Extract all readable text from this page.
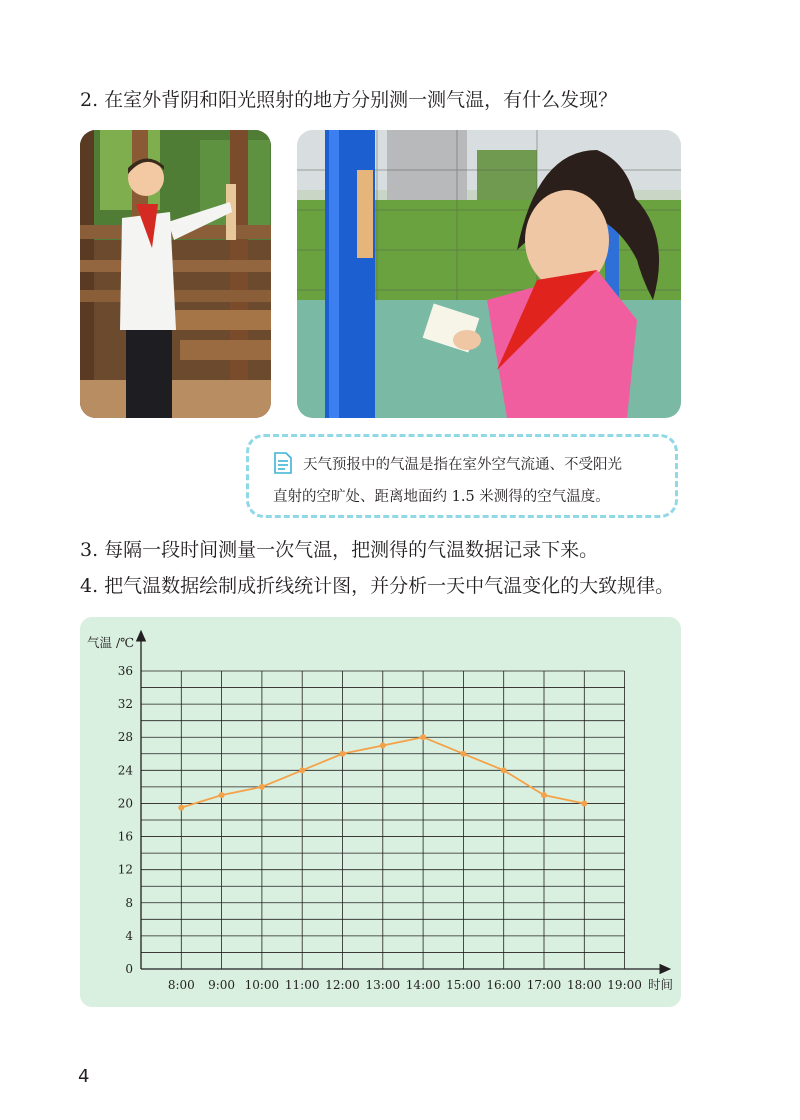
2. 在室外背阴和阳光照射的地方分别测一测气温，有什么发现？
天气预报中的气温是指在室外空气流通、不受阳光
直射的空旷处、距离地面约 1.5 米测得的空气温度。
3. 每隔一段时间测量一次气温，把测得的气温数据记录下来。
4. 把气温数据绘制成折线统计图，并分析一天中气温变化的大致规律。
0
4
8
12
16
20
24
28
32
36
8:00 9:00 10:00 11:00 12:00 13:00 14:00 15:00 16:00 17:00 18:00 19:00
气温 /℃
时间
4
